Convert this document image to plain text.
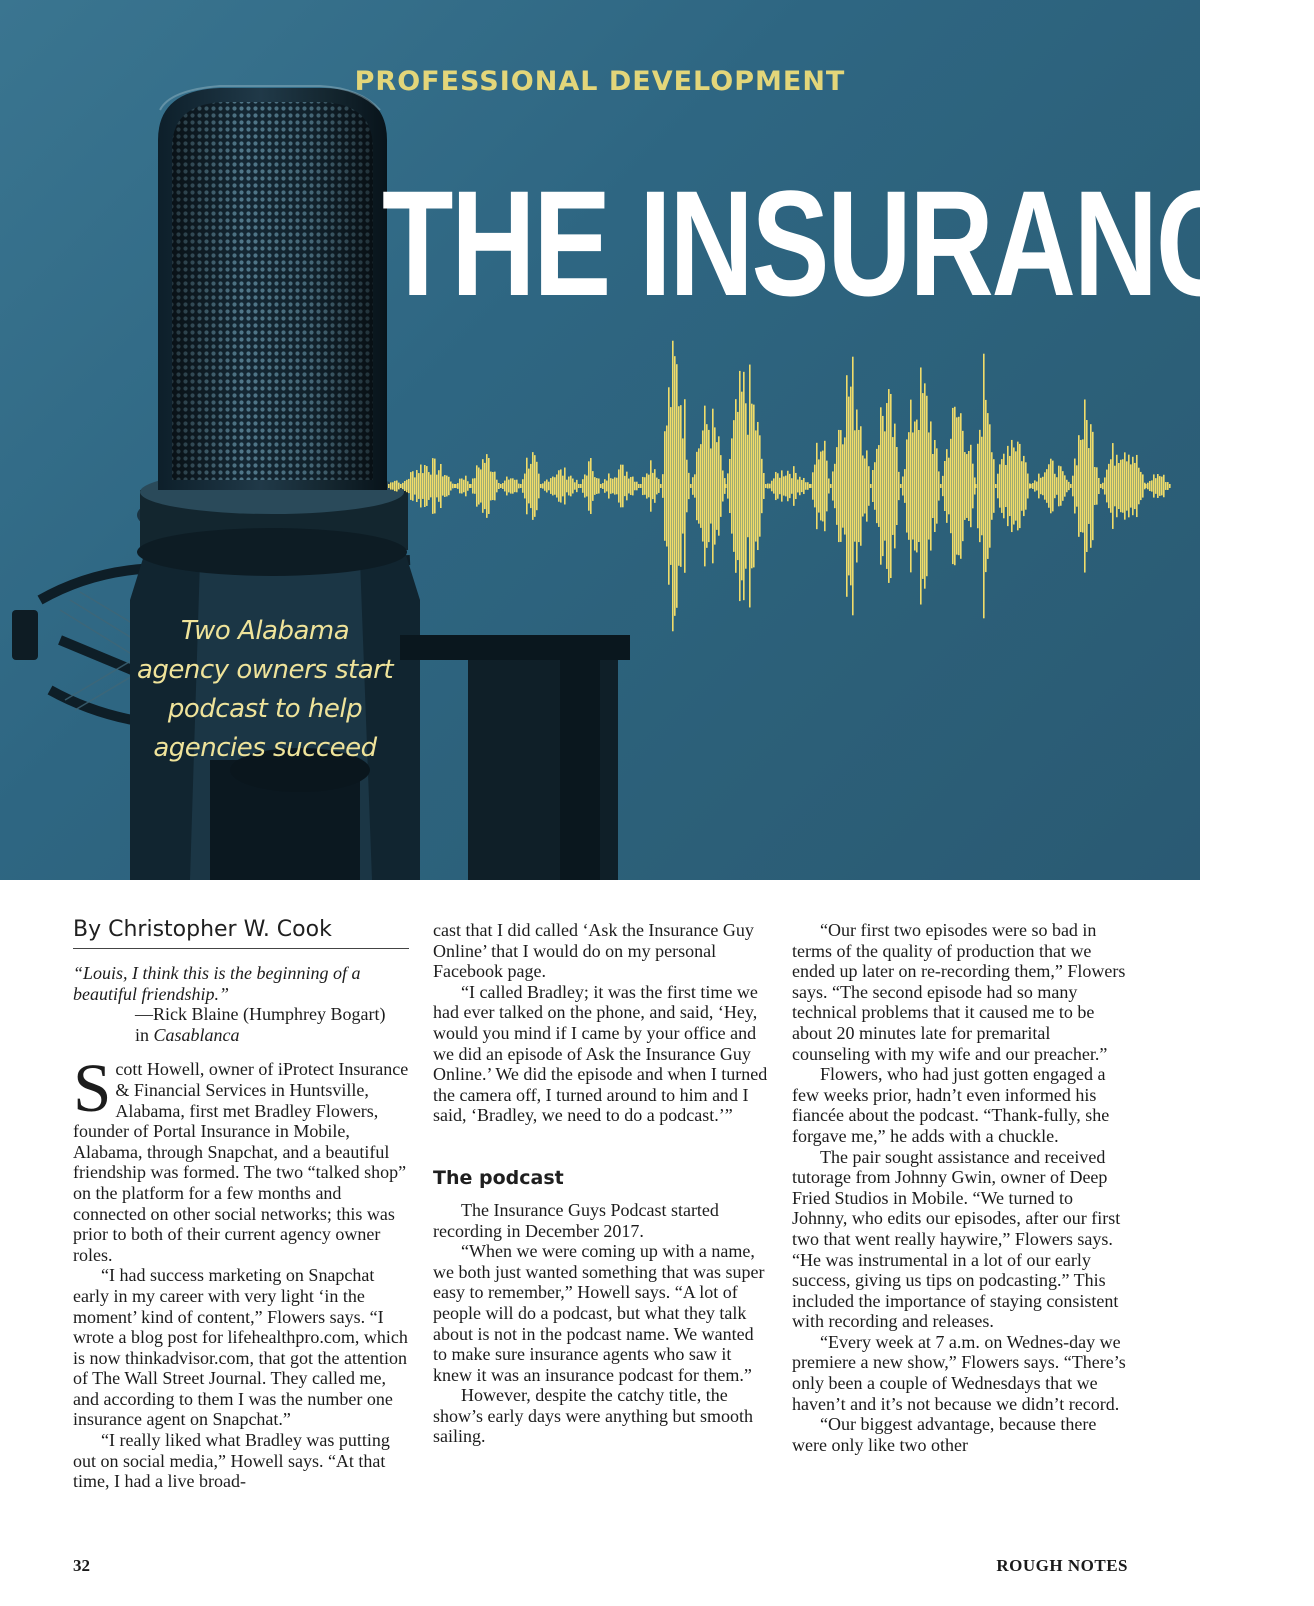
PROFESSIONAL DEVELOPMENT
THE INSURANCE
Two Alabama
agency owners start
podcast to help
agencies succeed
By Christopher W. Cook

“Louis, I think this is the beginning of a beautiful friendship.”

—Rick Blaine (Humphrey Bogart)

in Casablanca

Scott Howell, owner of iProtect Insurance & Financial Services in Huntsville, Alabama, first met Bradley Flowers, founder of Portal Insurance in Mobile, Alabama, through Snapchat, and a beautiful friendship was formed. The two “talked shop” on the platform for a few months and connected on other social networks; this was prior to both of their current agency owner roles.

“I had success marketing on Snapchat early in my career with very light ‘in the moment’ kind of content,” Flowers says. “I wrote a blog post for lifehealthpro.com, which is now thinkadvisor.com, that got the attention of The Wall Street Journal. They called me, and according to them I was the number one insurance agent on Snapchat.”

“I really liked what Bradley was putting out on social media,” Howell says. “At that time, I had a live broad-

cast that I did called ‘Ask the Insurance Guy Online’ that I would do on my personal Facebook page.

“I called Bradley; it was the first time we had ever talked on the phone, and said, ‘Hey, would you mind if I came by your office and we did an episode of Ask the Insurance Guy Online.’ We did the episode and when I turned the camera off, I turned around to him and I said, ‘Bradley, we need to do a podcast.’”

The podcast

The Insurance Guys Podcast started recording in December 2017.

“When we were coming up with a name, we both just wanted something that was super easy to remember,” Howell says. “A lot of people will do a podcast, but what they talk about is not in the podcast name. We wanted to make sure insurance agents who saw it knew it was an insurance podcast for them.”

However, despite the catchy title, the show’s early days were anything but smooth sailing.

“Our first two episodes were so bad in terms of the quality of production that we ended up later on re-recording them,” Flowers says. “The second episode had so many technical problems that it caused me to be about 20 minutes late for premarital counseling with my wife and our preacher.”

Flowers, who had just gotten engaged a few weeks prior, hadn’t even informed his fiancée about the podcast. “Thank-fully, she forgave me,” he adds with a chuckle.

The pair sought assistance and received tutorage from Johnny Gwin, owner of Deep Fried Studios in Mobile. “We turned to Johnny, who edits our episodes, after our first two that went really haywire,” Flowers says. “He was instrumental in a lot of our early success, giving us tips on podcasting.” This included the importance of staying consistent with recording and releases.

“Every week at 7 a.m. on Wednes-day we premiere a new show,” Flowers says. “There’s only been a couple of Wednesdays that we haven’t and it’s not because we didn’t record.

“Our biggest advantage, because there were only like two other

32	ROUGH NOTES
